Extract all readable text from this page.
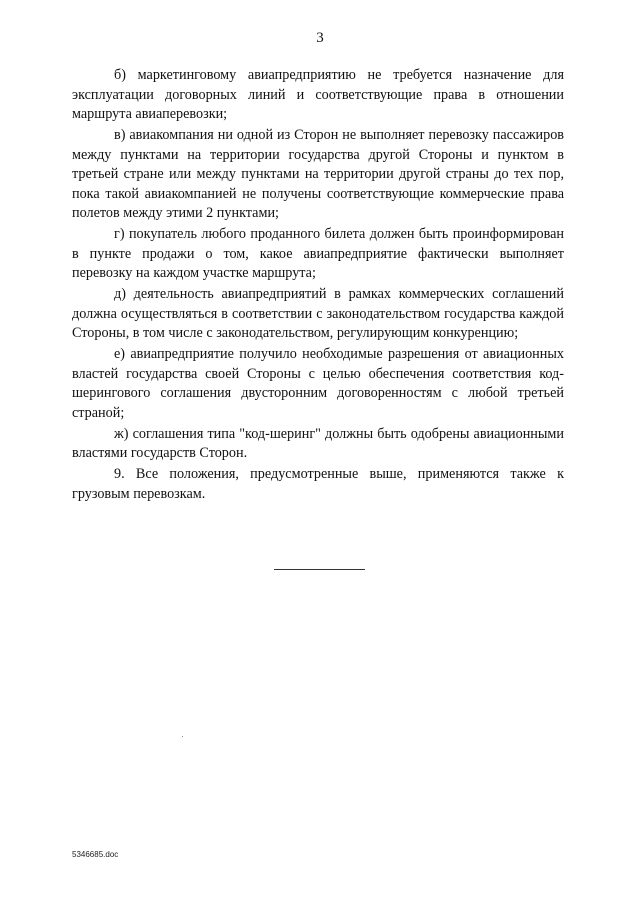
3

б) маркетинговому авиапредприятию не требуется назначение для эксплуатации договорных линий и соответствующие права в отношении маршрута авиаперевозки;

в) авиакомпания ни одной из Сторон не выполняет перевозку пассажиров между пунктами на территории государства другой Стороны и пунктом в третьей стране или между пунктами на территории другой страны до тех пор, пока такой авиакомпанией не получены соответствующие коммерческие права полетов между этими 2 пунктами;

г) покупатель любого проданного билета должен быть проинформирован в пункте продажи о том, какое авиапредприятие фактически выполняет перевозку на каждом участке маршрута;

д) деятельность авиапредприятий в рамках коммерческих соглашений должна осуществляться в соответствии с законодательством государства каждой Стороны, в том числе с законодательством, регулирующим конкуренцию;

е) авиапредприятие получило необходимые разрешения от авиационных властей государства своей Стороны с целью обеспечения соответствия код-шерингового соглашения двусторонним договоренностям с любой третьей страной;

ж) соглашения типа "код-шеринг" должны быть одобрены авиационными властями государств Сторон.

9. Все положения, предусмотренные выше, применяются также к грузовым перевозкам.

5346685.doc
